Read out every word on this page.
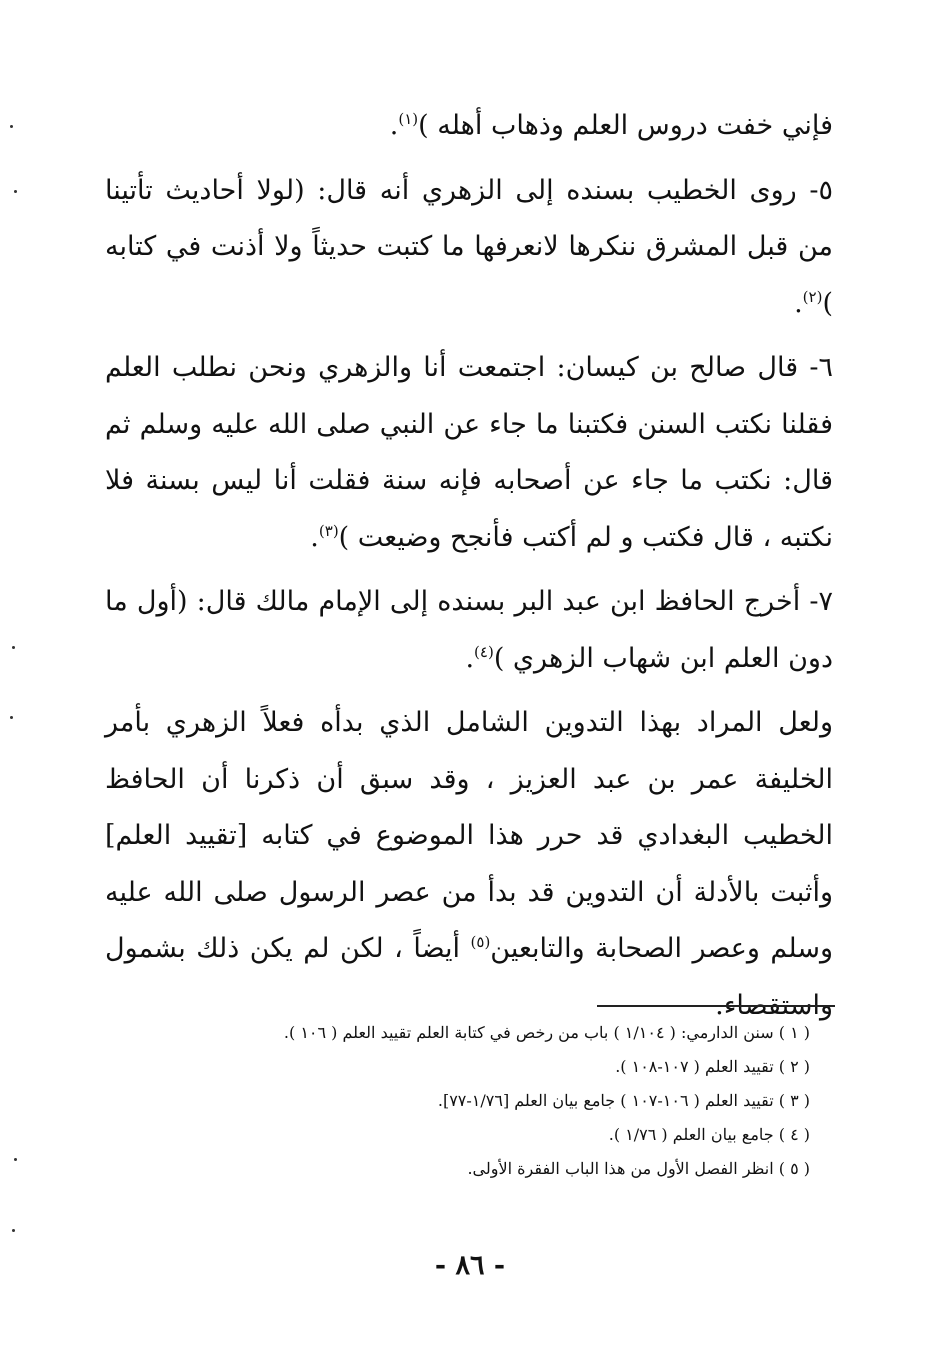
فإني خفت دروس العلم وذهاب أهله )$^{(١)}$.

٥- روى الخطيب بسنده إلى الزهري أنه قال: (لولا أحاديث تأتينا من قبل المشرق ننكرها لانعرفها ما كتبت حديثاً ولا أذنت في كتابه )$^{(٢)}$.

٦- قال صالح بن كيسان: اجتمعت أنا والزهري ونحن نطلب العلم فقلنا نكتب السنن فكتبنا ما جاء عن النبي صلى الله عليه وسلم ثم قال: نكتب ما جاء عن أصحابه فإنه سنة فقلت أنا ليس بسنة فلا نكتبه ، قال فكتب و لم أكتب فأنجح وضيعت )$^{(٣)}$.

٧- أخرج الحافظ ابن عبد البر بسنده إلى الإمام مالك قال: (أول ما دون العلم ابن شهاب الزهري )$^{(٤)}$.

ولعل المراد بهذا التدوين الشامل الذي بدأه فعلاً الزهري بأمر الخليفة عمر بن عبد العزيز ، وقد سبق أن ذكرنا أن الحافظ الخطيب البغدادي قد حرر هذا الموضوع في كتابه [تقييد العلم] وأثبت بالأدلة أن التدوين قد بدأ من عصر الرسول صلى الله عليه وسلم وعصر الصحابة والتابعين$^{(٥)}$ أيضاً ، لكن لم يكن ذلك بشمول واستقصاء.

( ١ ) سنن الدارمي: ( ١/١٠٤ ) باب من رخص في كتابة العلم تقييد العلم ( ١٠٦ ).
( ٢ ) تقييد العلم ( ١٠٧-١٠٨ ).
( ٣ ) تقييد العلم ( ١٠٦-١٠٧ ) جامع بيان العلم [١/٧٦-٧٧].
( ٤ ) جامع بيان العلم ( ١/٧٦ ).
( ٥ ) انظر الفصل الأول من هذا الباب الفقرة الأولى.
- ٨٦ -
